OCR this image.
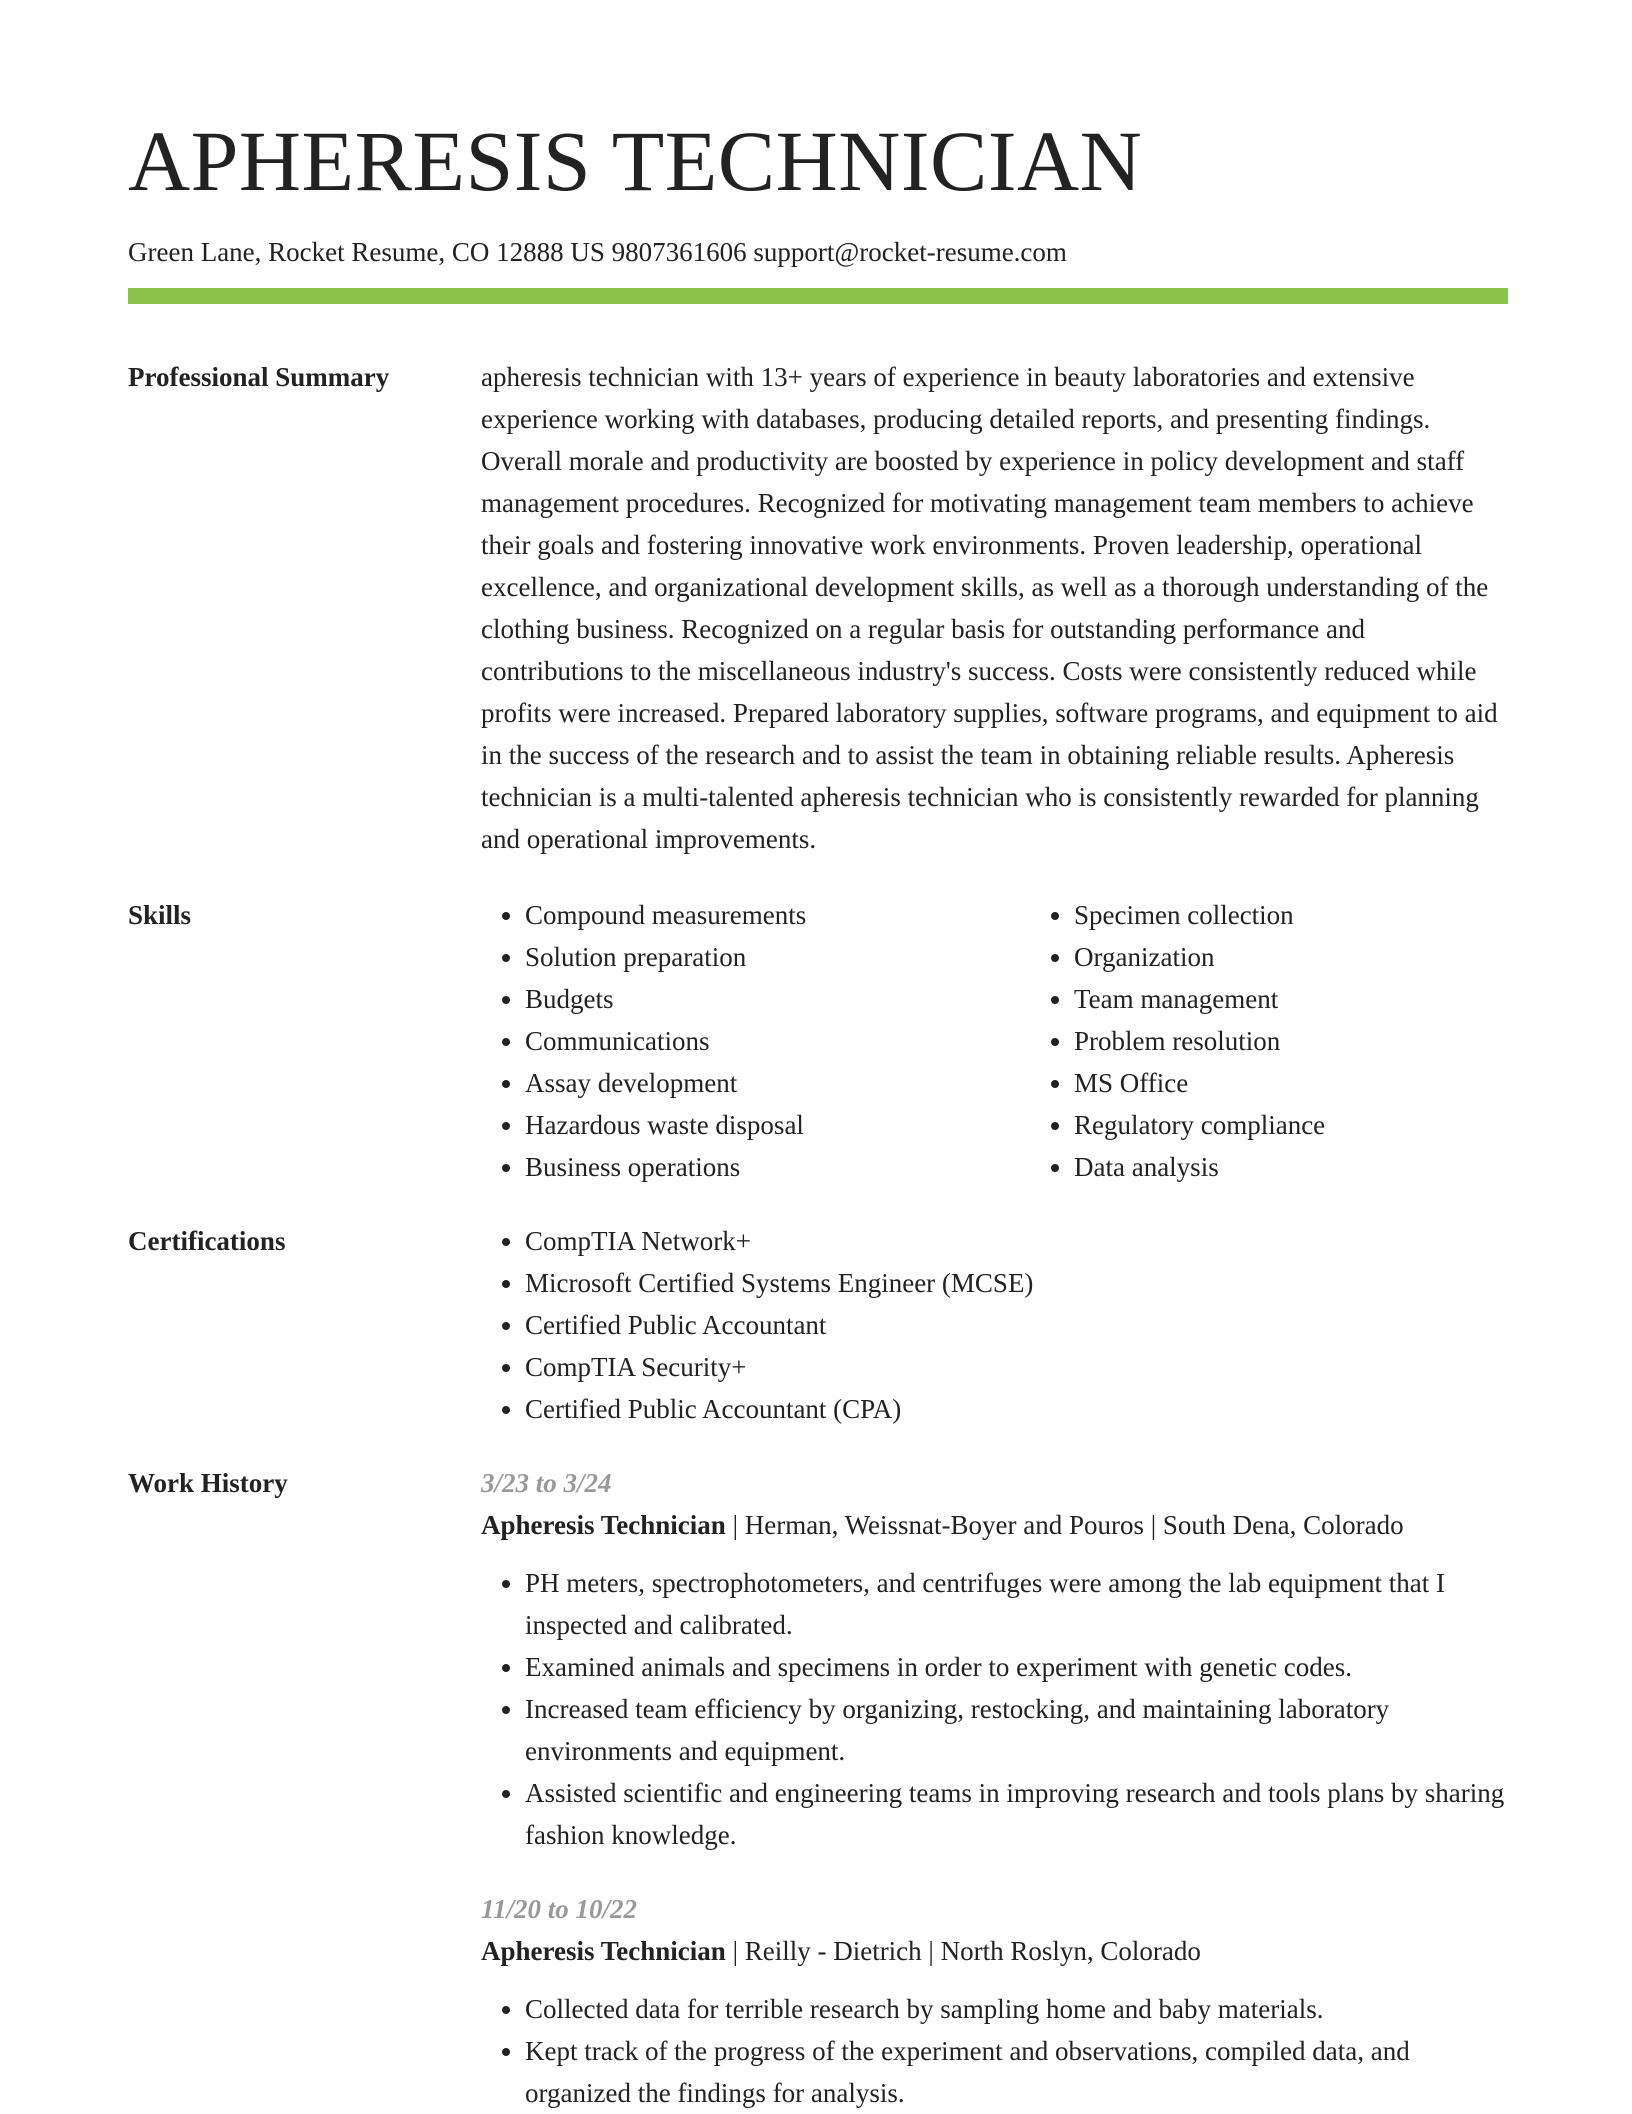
APHERESIS TECHNICIAN
Green Lane, Rocket Resume, CO 12888 US 9807361606 support@rocket-resume.com
Professional Summary	apheresis technician with 13+ years of experience in beauty laboratories and extensive experience working with databases, producing detailed reports, and presenting findings. Overall morale and productivity are boosted by experience in policy development and staff management procedures. Recognized for motivating management team members to achieve their goals and fostering innovative work environments. Proven leadership, operational excellence, and organizational development skills, as well as a thorough understanding of the clothing business. Recognized on a regular basis for outstanding performance and contributions to the miscellaneous industry's success. Costs were consistently reduced while profits were increased. Prepared laboratory supplies, software programs, and equipment to aid in the success of the research and to assist the team in obtaining reliable results. Apheresis technician is a multi-talented apheresis technician who is consistently rewarded for planning and operational improvements.

Skills	• Compound measurements
• Solution preparation
• Budgets
• Communications
• Assay development
• Hazardous waste disposal
• Business operations
• Specimen collection
• Organization
• Team management
• Problem resolution
• MS Office
• Regulatory compliance
• Data analysis
Certifications	• CompTIA Network+
• Microsoft Certified Systems Engineer (MCSE)
• Certified Public Accountant
• CompTIA Security+
• Certified Public Accountant (CPA)
Work History	3/23 to 3/24
Apheresis Technician | Herman, Weissnat-Boyer and Pouros | South Dena, Colorado
• PH meters, spectrophotometers, and centrifuges were among the lab equipment that I inspected and calibrated.
• Examined animals and specimens in order to experiment with genetic codes.
• Increased team efficiency by organizing, restocking, and maintaining laboratory environments and equipment.
• Assisted scientific and engineering teams in improving research and tools plans by sharing fashion knowledge.
11/20 to 10/22
Apheresis Technician | Reilly - Dietrich | North Roslyn, Colorado
• Collected data for terrible research by sampling home and baby materials.
• Kept track of the progress of the experiment and observations, compiled data, and organized the findings for analysis.
